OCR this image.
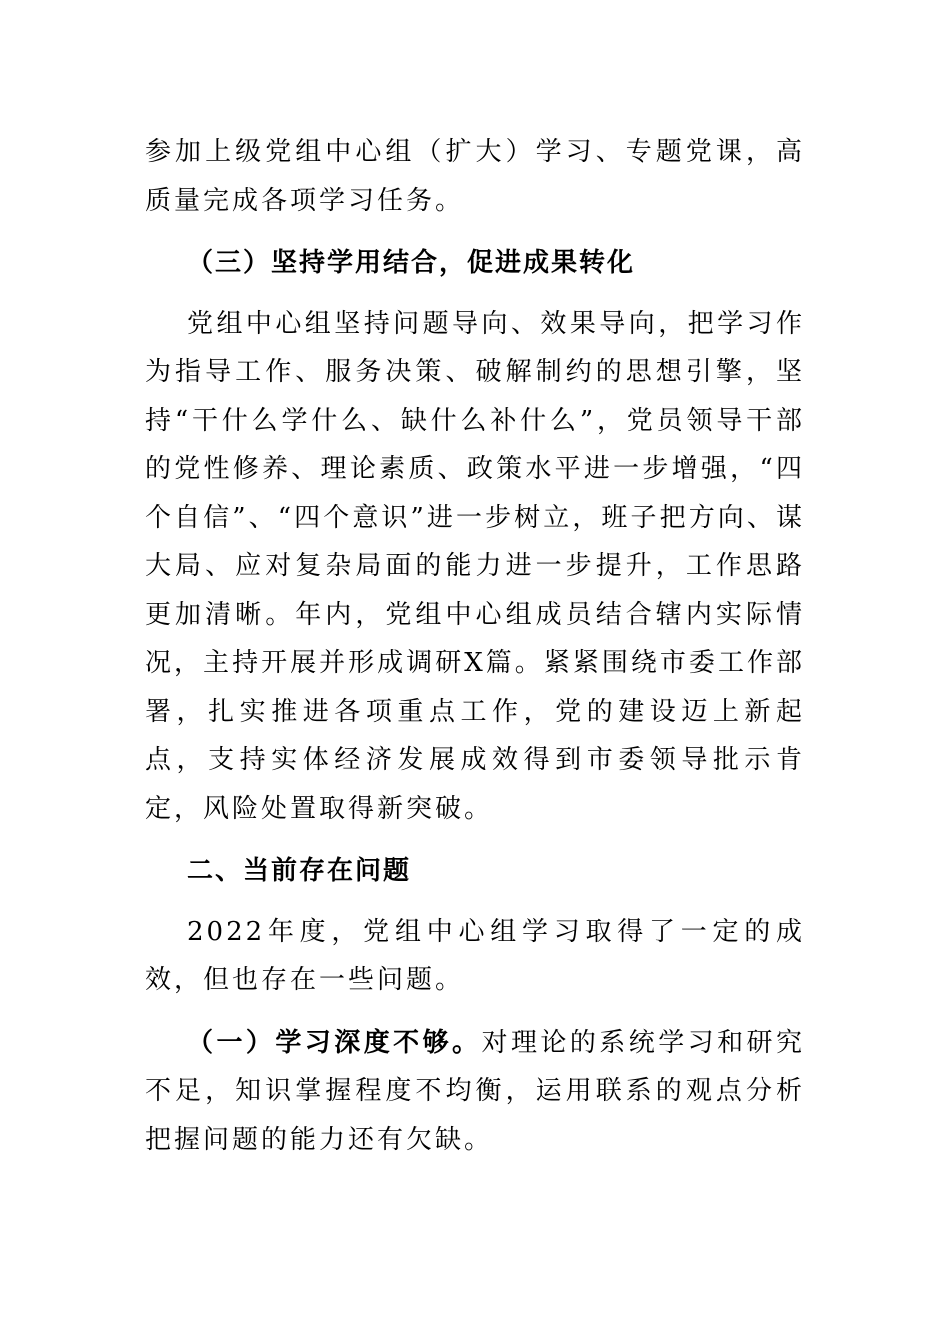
参加上级党组中心组（扩大）学习、专题党课，高质量完成各项学习任务。

（三）坚持学用结合，促进成果转化

党组中心组坚持问题导向、效果导向，把学习作为指导工作、服务决策、破解制约的思想引擎，坚持“干什么学什么、缺什么补什么”，党员领导干部的党性修养、理论素质、政策水平进一步增强，“四个自信”、“四个意识”进一步树立，班子把方向、谋大局、应对复杂局面的能力进一步提升，工作思路更加清晰。年内，党组中心组成员结合辖内实际情况，主持开展并形成调研X篇。紧紧围绕市委工作部署，扎实推进各项重点工作，党的建设迈上新起点，支持实体经济发展成效得到市委领导批示肯定，风险处置取得新突破。

二、当前存在问题

2022年度，党组中心组学习取得了一定的成效，但也存在一些问题。

（一）学习深度不够。对理论的系统学习和研究不足，知识掌握程度不均衡，运用联系的观点分析把握问题的能力还有欠缺。
